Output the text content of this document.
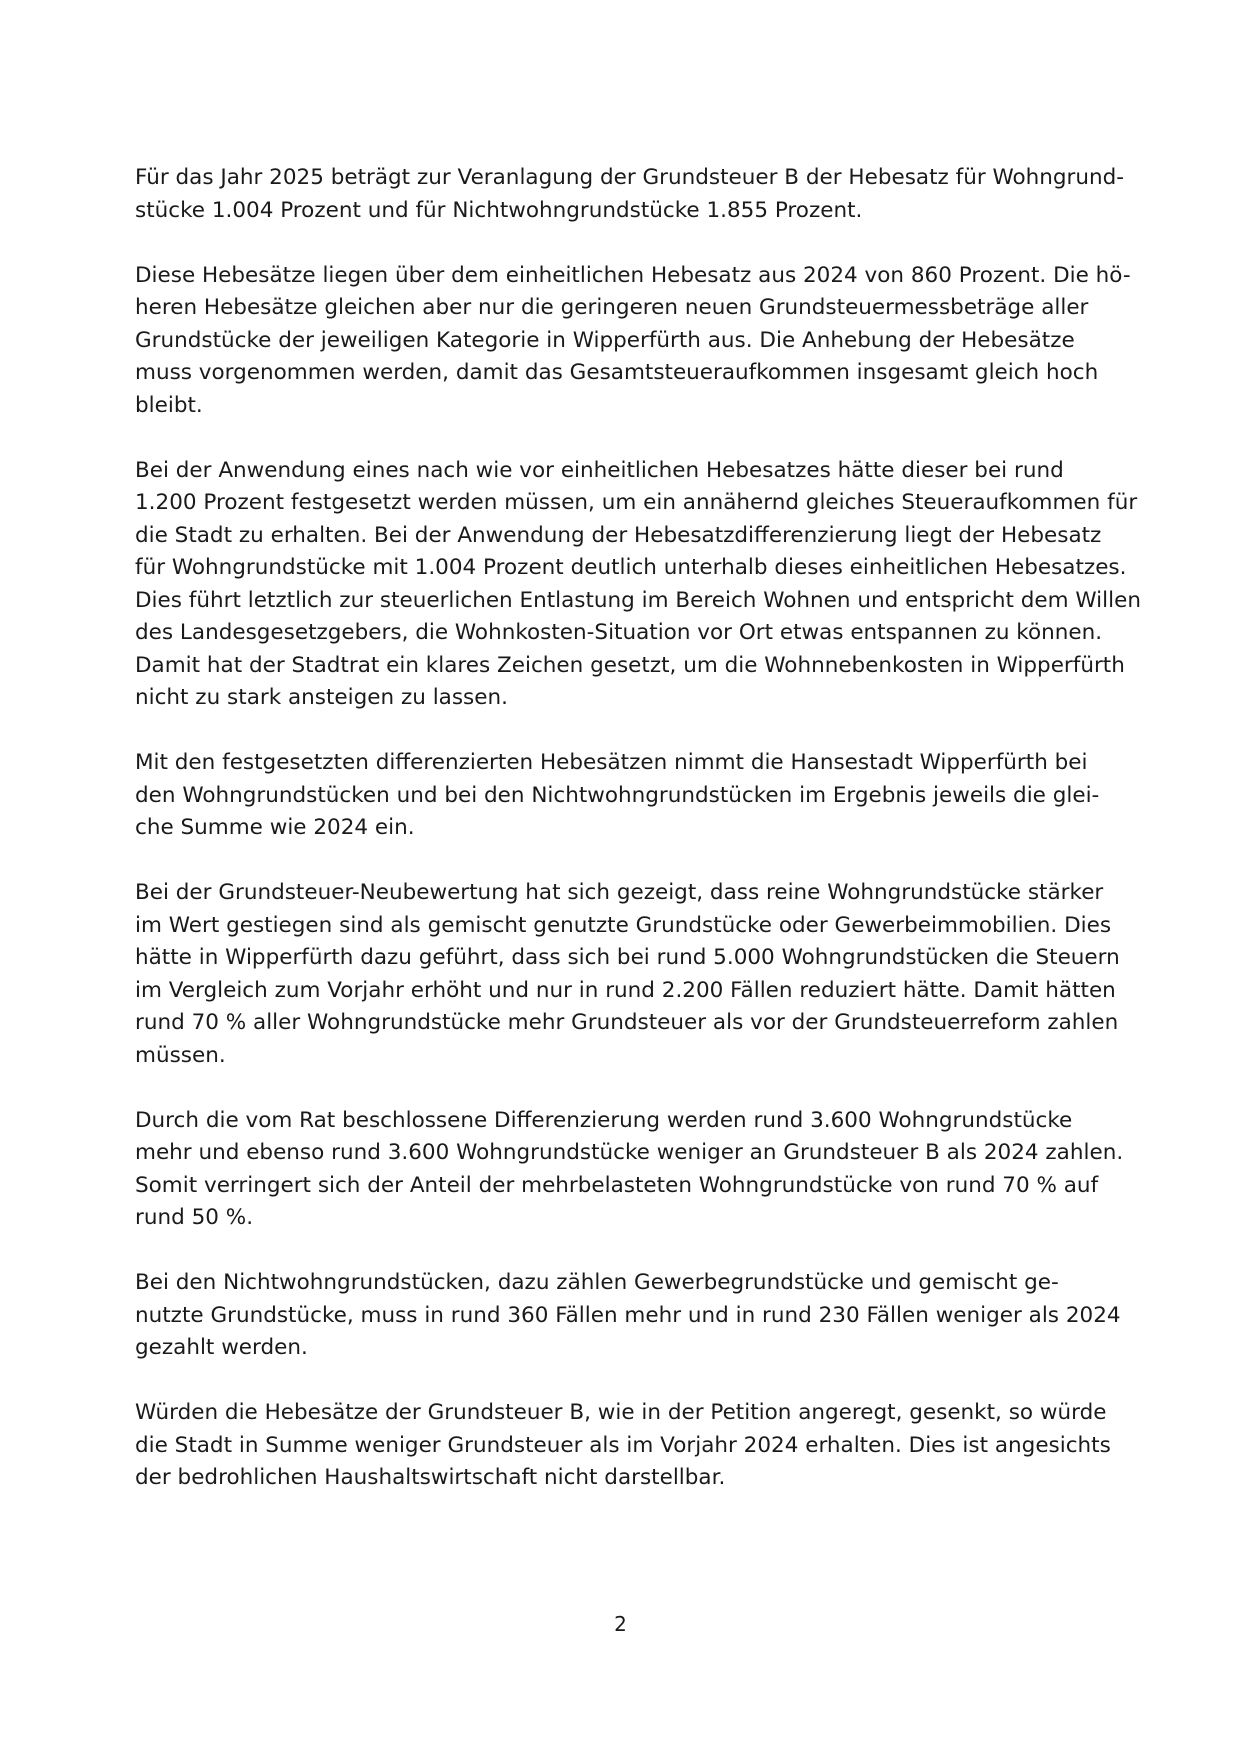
Für das Jahr 2025 beträgt zur Veranlagung der Grundsteuer B der Hebesatz für Wohngrund-
stücke 1.004 Prozent und für Nichtwohngrundstücke 1.855 Prozent.

Diese Hebesätze liegen über dem einheitlichen Hebesatz aus 2024 von 860 Prozent. Die hö-
heren Hebesätze gleichen aber nur die geringeren neuen Grundsteuermessbeträge aller
Grundstücke der jeweiligen Kategorie in Wipperfürth aus. Die Anhebung der Hebesätze
muss vorgenommen werden, damit das Gesamtsteueraufkommen insgesamt gleich hoch
bleibt.

Bei der Anwendung eines nach wie vor einheitlichen Hebesatzes hätte dieser bei rund
1.200 Prozent festgesetzt werden müssen, um ein annähernd gleiches Steueraufkommen für
die Stadt zu erhalten. Bei der Anwendung der Hebesatzdifferenzierung liegt der Hebesatz
für Wohngrundstücke mit 1.004 Prozent deutlich unterhalb dieses einheitlichen Hebesatzes.
Dies führt letztlich zur steuerlichen Entlastung im Bereich Wohnen und entspricht dem Willen
des Landesgesetzgebers, die Wohnkosten-Situation vor Ort etwas entspannen zu können.
Damit hat der Stadtrat ein klares Zeichen gesetzt, um die Wohnnebenkosten in Wipperfürth
nicht zu stark ansteigen zu lassen.

Mit den festgesetzten differenzierten Hebesätzen nimmt die Hansestadt Wipperfürth bei
den Wohngrundstücken und bei den Nichtwohngrundstücken im Ergebnis jeweils die glei-
che Summe wie 2024 ein.

Bei der Grundsteuer-Neubewertung hat sich gezeigt, dass reine Wohngrundstücke stärker
im Wert gestiegen sind als gemischt genutzte Grundstücke oder Gewerbeimmobilien. Dies
hätte in Wipperfürth dazu geführt, dass sich bei rund 5.000 Wohngrundstücken die Steuern
im Vergleich zum Vorjahr erhöht und nur in rund 2.200 Fällen reduziert hätte. Damit hätten
rund 70 % aller Wohngrundstücke mehr Grundsteuer als vor der Grundsteuerreform zahlen
müssen.

Durch die vom Rat beschlossene Differenzierung werden rund 3.600 Wohngrundstücke
mehr und ebenso rund 3.600 Wohngrundstücke weniger an Grundsteuer B als 2024 zahlen.
Somit verringert sich der Anteil der mehrbelasteten Wohngrundstücke von rund 70 % auf
rund 50 %.

Bei den Nichtwohngrundstücken, dazu zählen Gewerbegrundstücke und gemischt ge-
nutzte Grundstücke, muss in rund 360 Fällen mehr und in rund 230 Fällen weniger als 2024
gezahlt werden.

Würden die Hebesätze der Grundsteuer B, wie in der Petition angeregt, gesenkt, so würde
die Stadt in Summe weniger Grundsteuer als im Vorjahr 2024 erhalten. Dies ist angesichts
der bedrohlichen Haushaltswirtschaft nicht darstellbar.

2
